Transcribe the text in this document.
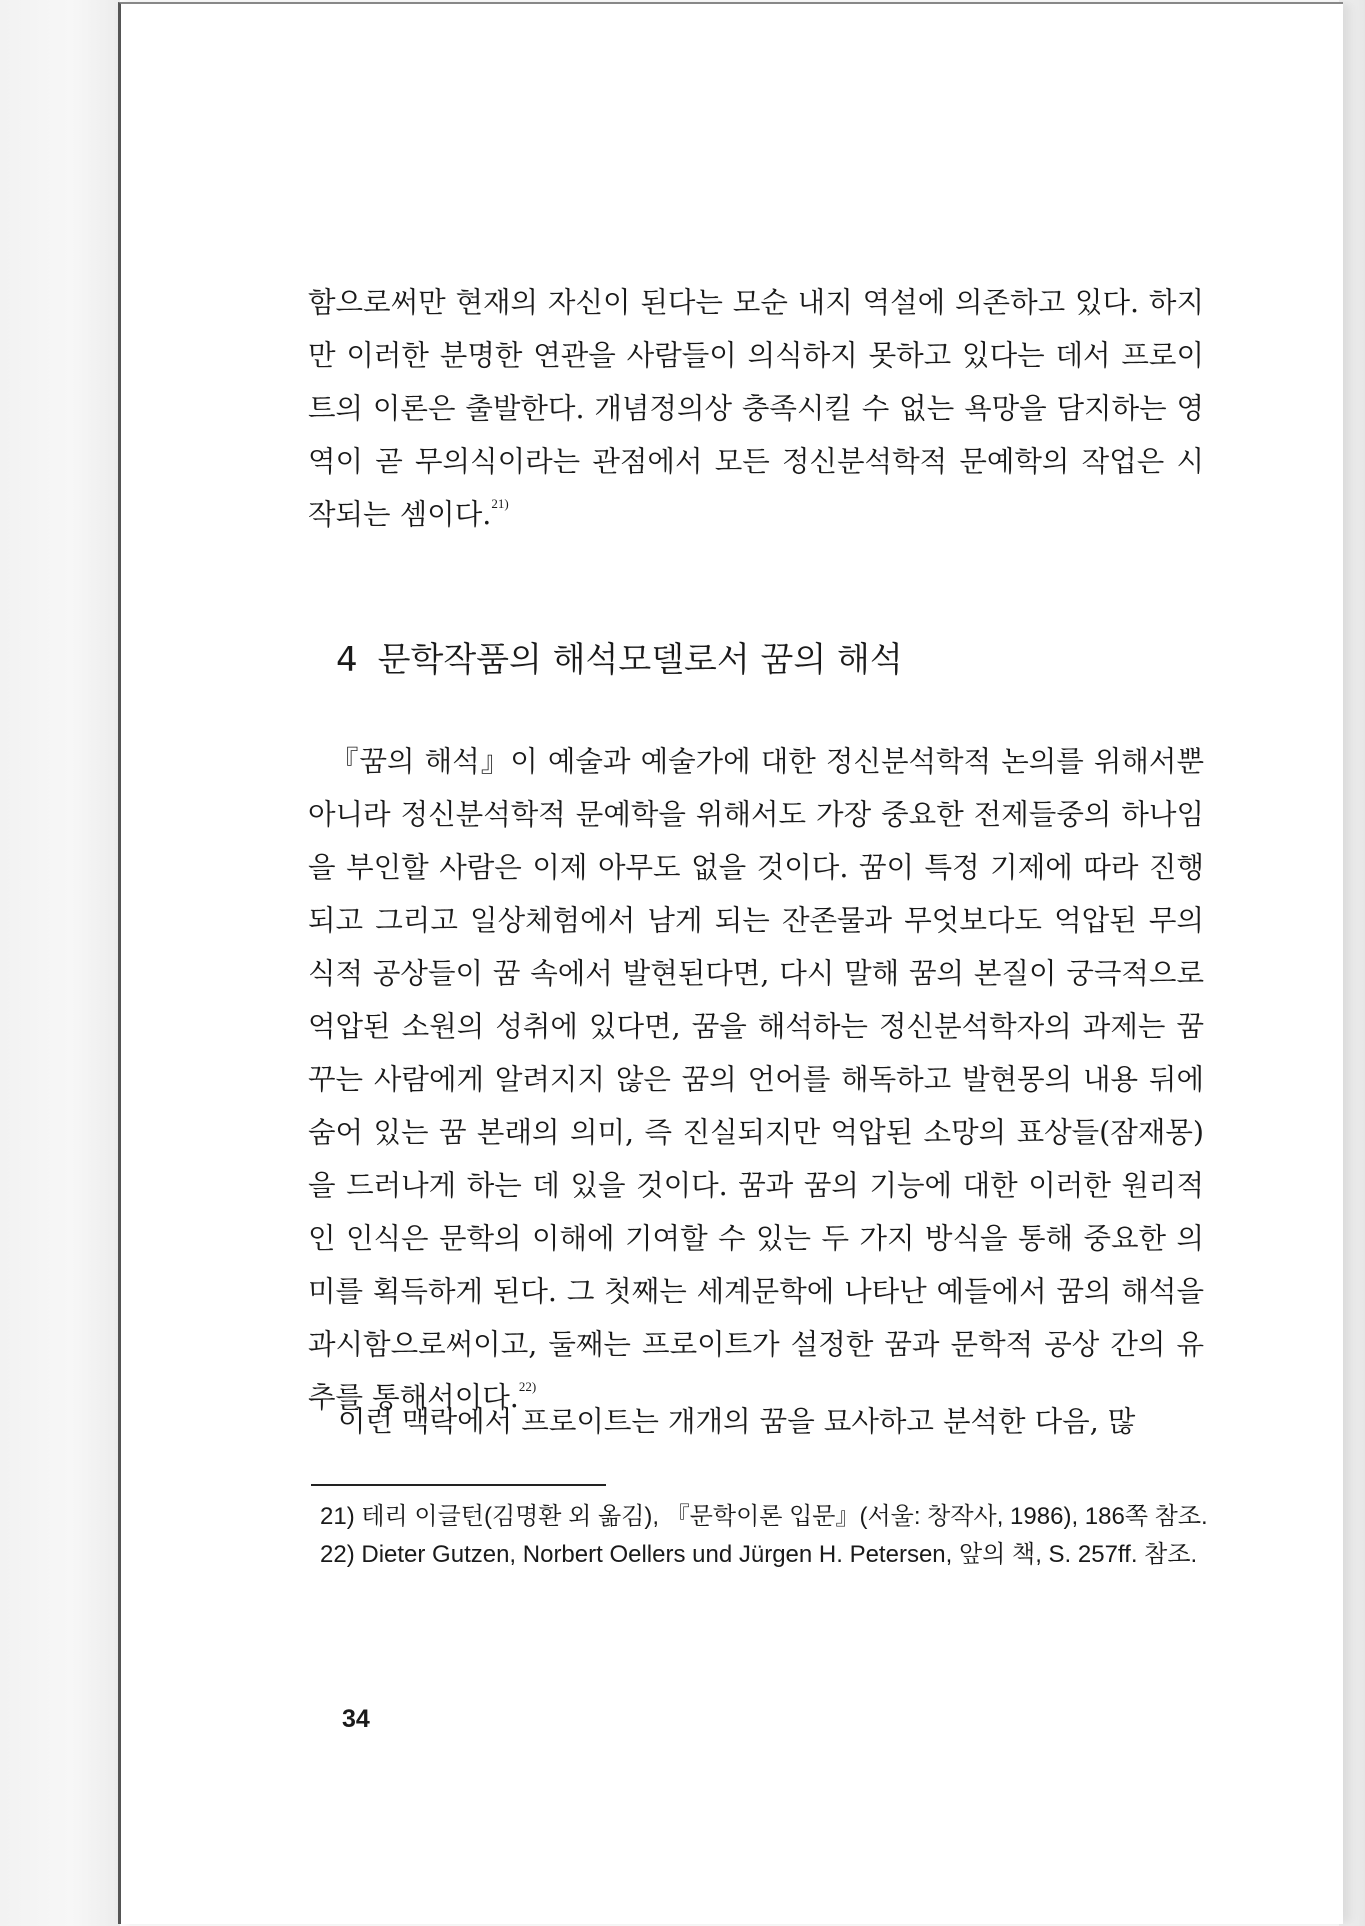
함으로써만 현재의 자신이 된다는 모순 내지 역설에 의존하고 있다. 하지만 이러한 분명한 연관을 사람들이 의식하지 못하고 있다는 데서 프로이트의 이론은 출발한다. 개념정의상 충족시킬 수 없는 욕망을 담지하는 영역이 곧 무의식이라는 관점에서 모든 정신분석학적 문예학의 작업은 시작되는 셈이다.$^{21)}$

4 문학작품의 해석모델로서 꿈의 해석

『꿈의 해석』이 예술과 예술가에 대한 정신분석학적 논의를 위해서뿐 아니라 정신분석학적 문예학을 위해서도 가장 중요한 전제들중의 하나임을 부인할 사람은 이제 아무도 없을 것이다. 꿈이 특정 기제에 따라 진행되고 그리고 일상체험에서 남게 되는 잔존물과 무엇보다도 억압된 무의식적 공상들이 꿈 속에서 발현된다면, 다시 말해 꿈의 본질이 궁극적으로 억압된 소원의 성취에 있다면, 꿈을 해석하는 정신분석학자의 과제는 꿈꾸는 사람에게 알려지지 않은 꿈의 언어를 해독하고 발현몽의 내용 뒤에 숨어 있는 꿈 본래의 의미, 즉 진실되지만 억압된 소망의 표상들(잠재몽)을 드러나게 하는 데 있을 것이다. 꿈과 꿈의 기능에 대한 이러한 원리적인 인식은 문학의 이해에 기여할 수 있는 두 가지 방식을 통해 중요한 의미를 획득하게 된다. 그 첫째는 세계문학에 나타난 예들에서 꿈의 해석을 과시함으로써이고, 둘째는 프로이트가 설정한 꿈과 문학적 공상 간의 유추를 통해서이다.$^{22)}$

이런 맥락에서 프로이트는 개개의 꿈을 묘사하고 분석한 다음, 많

21) 테리 이글턴(김명환 외 옮김), 『문학이론 입문』(서울: 창작사, 1986), 186쪽 참조.

22) Dieter Gutzen, Norbert Oellers und Jürgen H. Petersen, 앞의 책, S. 257ff. 참조.

34
